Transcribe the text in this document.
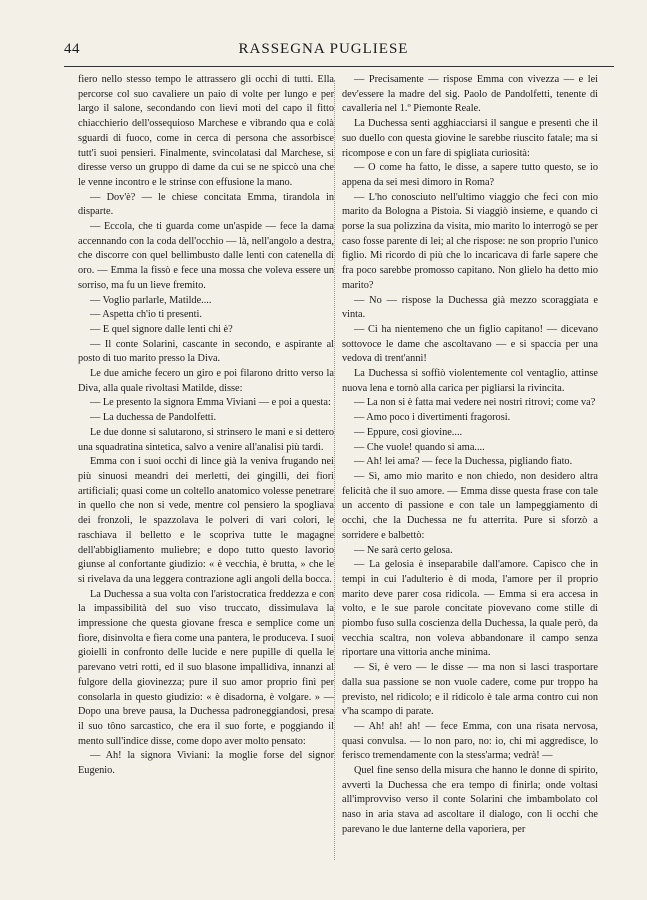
44	RASSEGNA PUGLIESE

fiero nello stesso tempo le attrassero gli occhi di tutti. Ella percorse col suo cavaliere un paio di volte per lungo e per largo il salone, secondando con lievi moti del capo il fitto chiacchierio dell'ossequioso Marchese e vibrando qua e colà sguardi di fuoco, come in cerca di persona che assorbisce tutt'i suoi pensieri. Finalmente, svincolatasi dal Marchese, si diresse verso un gruppo di dame da cui se ne spiccò una che le venne incontro e le strinse con effusione la mano.

— Dov'è? — le chiese concitata Emma, tirandola in disparte.

— Eccola, che ti guarda come un'aspide — fece la dama accennando con la coda dell'occhio — là, nell'angolo a destra, che discorre con quel bellimbusto dalle lenti con catenella di oro. — Emma la fissò e fece una mossa che voleva essere un sorriso, ma fu un lieve fremito.

— Voglio parlarle, Matilde....

— Aspetta ch'io ti presenti.

— E quel signore dalle lenti chi è?

— Il conte Solarini, cascante in secondo, e aspirante al posto di tuo marito presso la Diva.

Le due amiche fecero un giro e poi filarono dritto verso la Diva, alla quale rivoltasi Matilde, disse:

— Le presento la signora Emma Viviani — e poi a questa:

— La duchessa de Pandolfetti.

Le due donne si salutarono, si strinsero le mani e si dettero una squadratina sintetica, salvo a venire all'analisi più tardi.

Emma con i suoi occhi di lince già la veniva frugando nei più sinuosi meandri dei merletti, dei gingilli, dei fiori artificiali; quasi come un coltello anatomico volesse penetrare in quello che non si vede, mentre col pensiero la spogliava dei fronzoli, le spazzolava le polveri di vari colori, le raschiava il belletto e le scopriva tutte le magagne dell'abbigliamento muliebre; e dopo tutto questo lavorio giunse al confortante giudizio: « è vecchia, è brutta, » che le si rivelava da una leggera contrazione agli angoli della bocca.

La Duchessa a sua volta con l'aristocratica freddezza e con la impassibilità del suo viso truccato, dissimulava la impressione che questa giovane fresca e semplice come un fiore, disinvolta e fiera come una pantera, le produceva. I suoi gioielli in confronto delle lucide e nere pupille di quella le parevano vetri rotti, ed il suo blasone impallidiva, innanzi al fulgore della giovinezza; pure il suo amor proprio finì per consolarla in questo giudizio: « è disadorna, è volgare. » — Dopo una breve pausa, la Duchessa padroneggiandosi, presa il suo tôno sarcastico, che era il suo forte, e poggiando il mento sull'indice disse, come dopo aver molto pensato:

— Ah! la signora Viviani: la moglie forse del signor Eugenio.

— Precisamente — rispose Emma con vivezza — e lei dev'essere la madre del sig. Paolo de Pandolfetti, tenente di cavalleria nel 1.º Piemonte Reale.

La Duchessa sentì agghiacciarsi il sangue e presentì che il suo duello con questa giovine le sarebbe riuscito fatale; ma si ricompose e con un fare di spigliata curiosità:

— O come ha fatto, le disse, a sapere tutto questo, se io appena da sei mesi dimoro in Roma?

— L'ho conosciuto nell'ultimo viaggio che feci con mio marito da Bologna a Pistoia. Si viaggiò insieme, e quando ci porse la sua polizzina da visita, mio marito lo interrogò se per caso fosse parente di lei; al che rispose: ne son proprio l'unico figlio. Mi ricordo di più che lo incaricava di farle sapere che fra poco sarebbe promosso capitano. Non glielo ha detto mio marito?

— No — rispose la Duchessa già mezzo scoraggiata e vinta.

— Ci ha nientemeno che un figlio capitano! — dicevano sottovoce le dame che ascoltavano — e si spaccia per una vedova di trent'anni!

La Duchessa si soffiò violentemente col ventaglio, attinse nuova lena e tornò alla carica per pigliarsi la rivincita.

— La non si è fatta mai vedere nei nostri ritrovi; come va?

— Amo poco i divertimenti fragorosi.

— Eppure, così giovine....

— Che vuole! quando si ama....

— Ah! lei ama? — fece la Duchessa, pigliando fiato.

— Sì, amo mio marito e non chiedo, non desidero altra felicità che il suo amore. — Emma disse questa frase con tale un accento di passione e con tale un lampeggiamento di occhi, che la Duchessa ne fu atterrita. Pure si sforzò a sorridere e balbettò:

— Ne sarà certo gelosa.

— La gelosia è inseparabile dall'amore. Capisco che in tempi in cui l'adulterio è di moda, l'amore per il proprio marito deve parer cosa ridicola. — Emma si era accesa in volto, e le sue parole concitate piovevano come stille di piombo fuso sulla coscienza della Duchessa, la quale però, da vecchia scaltra, non voleva abbandonare il campo senza riportare una vittoria anche minima.

— Sì, è vero — le disse — ma non si lasci trasportare dalla sua passione se non vuole cadere, come pur troppo ha previsto, nel ridicolo; e il ridicolo è tale arma contro cui non v'ha scampo di parate.

— Ah! ah! ah! — fece Emma, con una risata nervosa, quasi convulsa. — lo non paro, no: io, chi mi aggredisce, lo ferisco tremendamente con la stess'arma; vedrà! —

Quel fine senso della misura che hanno le donne di spirito, avvertì la Duchessa che era tempo di finirla; onde voltasi all'improvviso verso il conte Solarini che imbambolato col naso in aria stava ad ascoltare il dialogo, con li occhi che parevano le due lanterne della vaporiera, per
